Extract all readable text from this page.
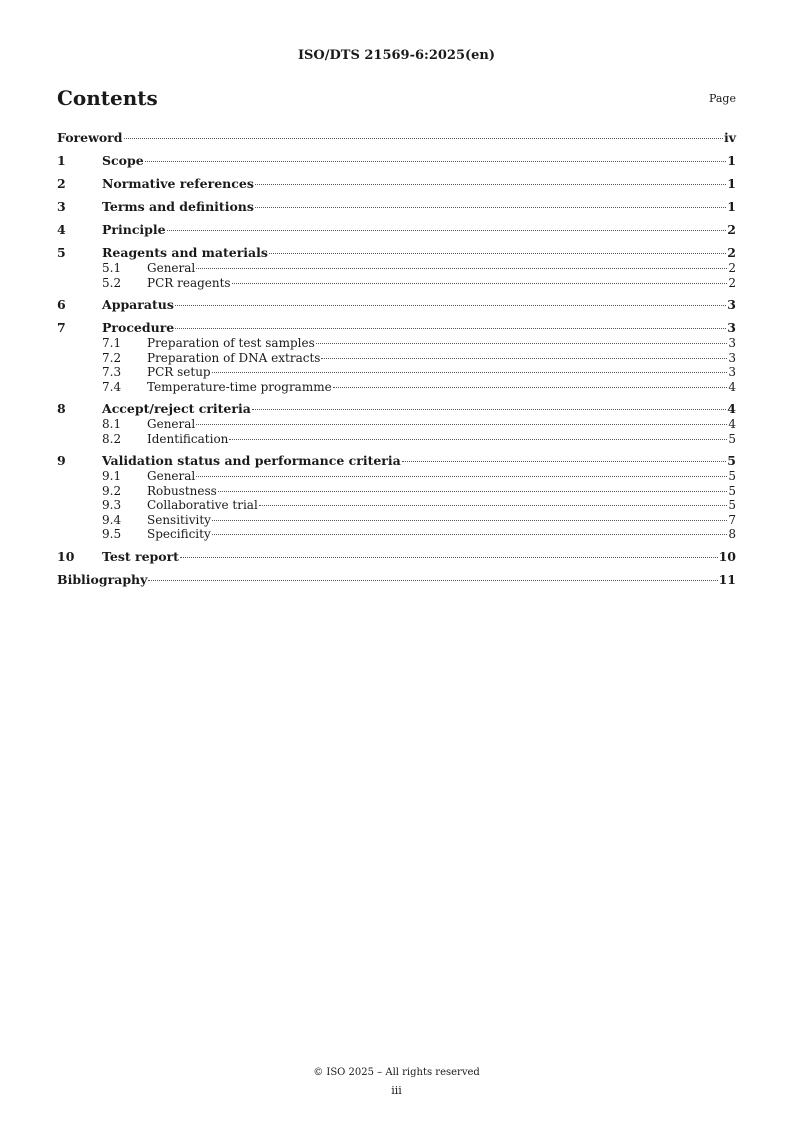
ISO/DTS 21569-6:2025(en)
Contents	Page
Foreword	iv
1	Scope	1
2	Normative references	1
3	Terms and definitions	1
4	Principle	2
5	Reagents and materials	2
5.1	General	2
5.2	PCR reagents	2
6	Apparatus	3
7	Procedure	3
7.1	Preparation of test samples	3
7.2	Preparation of DNA extracts	3
7.3	PCR setup	3
7.4	Temperature-time programme	4
8	Accept/reject criteria	4
8.1	General	4
8.2	Identification	5
9	Validation status and performance criteria	5
9.1	General	5
9.2	Robustness	5
9.3	Collaborative trial	5
9.4	Sensitivity	7
9.5	Specificity	8
10	Test report	10
Bibliography	11
© ISO 2025 – All rights reserved
iii
